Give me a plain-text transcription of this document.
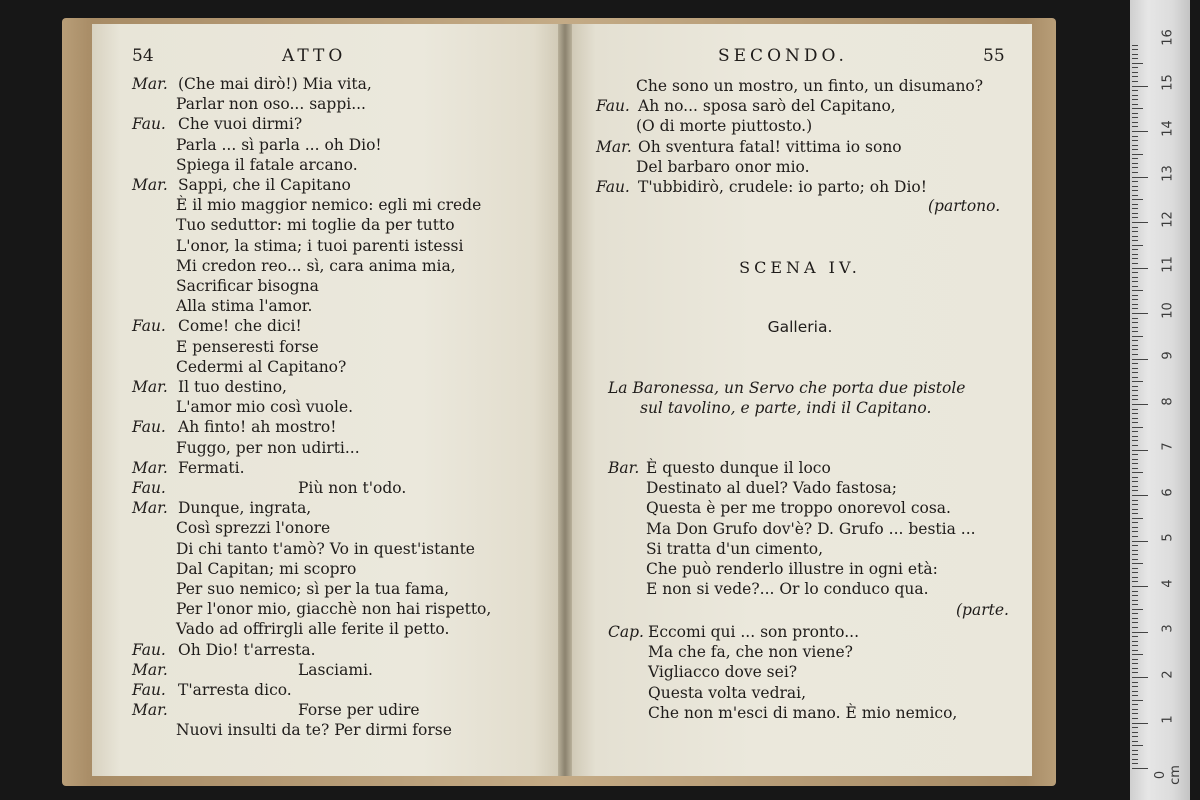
54	ATTO
Mar. (Che mai dirò!) Mia vita,
Parlar non oso... sappi...
Fau. Che vuoi dirmi?
Parla ... sì parla ... oh Dio!
Spiega il fatale arcano.
Mar. Sappi, che il Capitano
È il mio maggior nemico: egli mi crede
Tuo seduttor: mi toglie da per tutto
L'onor, la stima; i tuoi parenti istessi
Mi credon reo... sì, cara anima mia,
Sacrificar bisogna
Alla stima l'amor.
Fau. Come! che dici!
E penseresti forse
Cedermi al Capitano?
Mar. Il tuo destino,
L'amor mio così vuole.
Fau. Ah finto! ah mostro!
Fuggo, per non udirti...
Mar. Fermati.
Fau.	Più non t'odo.
Mar. Dunque, ingrata,
Così sprezzi l'onore
Di chi tanto t'amò? Vo in quest'istante
Dal Capitan; mi scopro
Per suo nemico; sì per la tua fama,
Per l'onor mio, giacchè non hai rispetto,
Vado ad offrirgli alle ferite il petto.
Fau. Oh Dio! t'arresta.
Mar.	Lasciami.
Fau. T'arresta dico.
Mar.	Forse per udire
Nuovi insulti da te? Per dirmi forse
SECONDO.	55
Che sono un mostro, un finto, un disumano?
Fau. Ah no... sposa sarò del Capitano,
(O di morte piuttosto.)
Mar. Oh sventura fatal! vittima io sono
Del barbaro onor mio.
Fau. T'ubbidirò, crudele: io parto; oh Dio!
(partono.
SCENA IV.
Galleria.
La Baronessa, un Servo che porta due pistole
sul tavolino, e parte, indi il Capitano.
Bar. È questo dunque il loco
Destinato al duel? Vado fastosa;
Questa è per me troppo onorevol cosa.
Ma Don Grufo dov'è? D. Grufo ... bestia ...
Si tratta d'un cimento,
Che può renderlo illustre in ogni età:
E non si vede?... Or lo conduco qua.
(parte.
Cap. Eccomi qui ... son pronto...
Ma che fa, che non viene?
Vigliacco dove sei?
Questa volta vedrai,
Che non m'esci di mano. È mio nemico,	1
2
3
4
5
6
7
8
9
10
11
12
13
14
15
16
0 cm
